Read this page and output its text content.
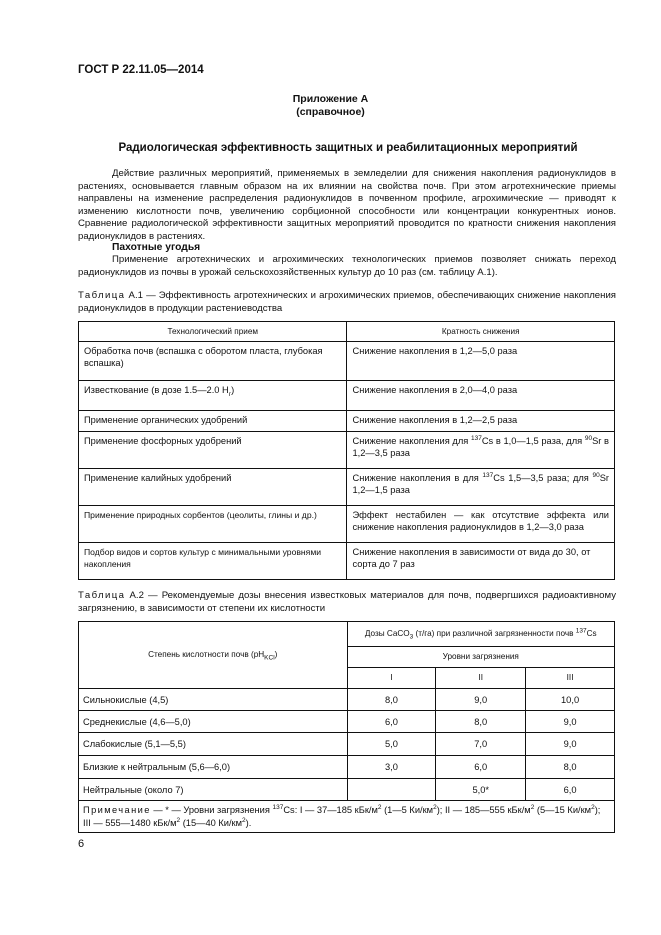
ГОСТ Р 22.11.05—2014
Приложение А
(справочное)
Радиологическая эффективность защитных и реабилитационных мероприятий
Действие различных мероприятий, применяемых в земледелии для снижения накопления радионуклидов в растениях, основывается главным образом на их влиянии на свойства почв. При этом агротехнические приемы направлены на изменение распределения радионуклидов в почвенном профиле, агрохимические — приводят к изменению кислотности почв, увеличению сорбционной способности или концентрации конкурентных ионов. Сравнение радиологической эффективности защитных мероприятий проводится по кратности снижения накопления радионуклидов в растениях.
Пахотные угодья
Применение агротехнических и агрохимических технологических приемов позволяет снижать переход радионуклидов из почвы в урожай сельскохозяйственных культур до 10 раз (см. таблицу А.1).
Таблица А.1 — Эффективность агротехнических и агрохимических приемов, обеспечивающих снижение накопления радионуклидов в продукции растениеводства
Технологический прием	Кратность снижения
Обработка почв (вспашка с оборотом пласта, глубокая вспашка)	Снижение накопления в 1,2—5,0 раза
Известкование (в дозе 1.5—2.0 $H_г$)	Снижение накопления в 2,0—4,0 раза
Применение органических удобрений	Снижение накопления в 1,2—2,5 раза
Применение фосфорных удобрений	Снижение накопления для $^{137}$Cs в 1,0—1,5 раза, для $^{90}$Sr в 1,2—3,5 раза
Применение калийных удобрений	Снижение накопления в для $^{137}$Cs 1,5—3,5 раза; для $^{90}$Sr 1,2—1,5 раза
Применение природных сорбентов (цеолиты, глины и др.)	Эффект нестабилен — как отсутствие эффекта или снижение накопления радионуклидов в 1,2—3,0 раза
Подбор видов и сортов культур с минимальными уровнями накопления	Снижение накопления в зависимости от вида до 30, от сорта до 7 раз
Таблица А.2 — Рекомендуемые дозы внесения известковых материалов для почв, подвергшихся радиоактивному загрязнению, в зависимости от степени их кислотности
Степень кислотности почв $(pH_{KCl})$	Дозы CaCO$_3$ (т/га) при различной загрязненности почв $^{137}$Cs		
	Уровни загрязнения		
	I	II	III
Сильнокислые (4,5)	8,0	9,0	10,0
Среднекислые (4,6—5,0)	6,0	8,0	9,0
Слабокислые (5,1—5,5)	5,0	7,0	9,0
Близкие к нейтральным (5,6—6,0)	3,0	6,0	8,0
Нейтральные (около 7)		5,0*	6,0
Примечание — * — Уровни загрязнения $^{137}$Cs: I — 37—185 кБк/$м^2$ (1—5 $Ки/км^2$); II — 185—555 кБк/$м^2$ (5—15 $Ки/км^2$); III — 555—1480 кБк/$м^2$ (15—40 $Ки/км^2$).			
6
